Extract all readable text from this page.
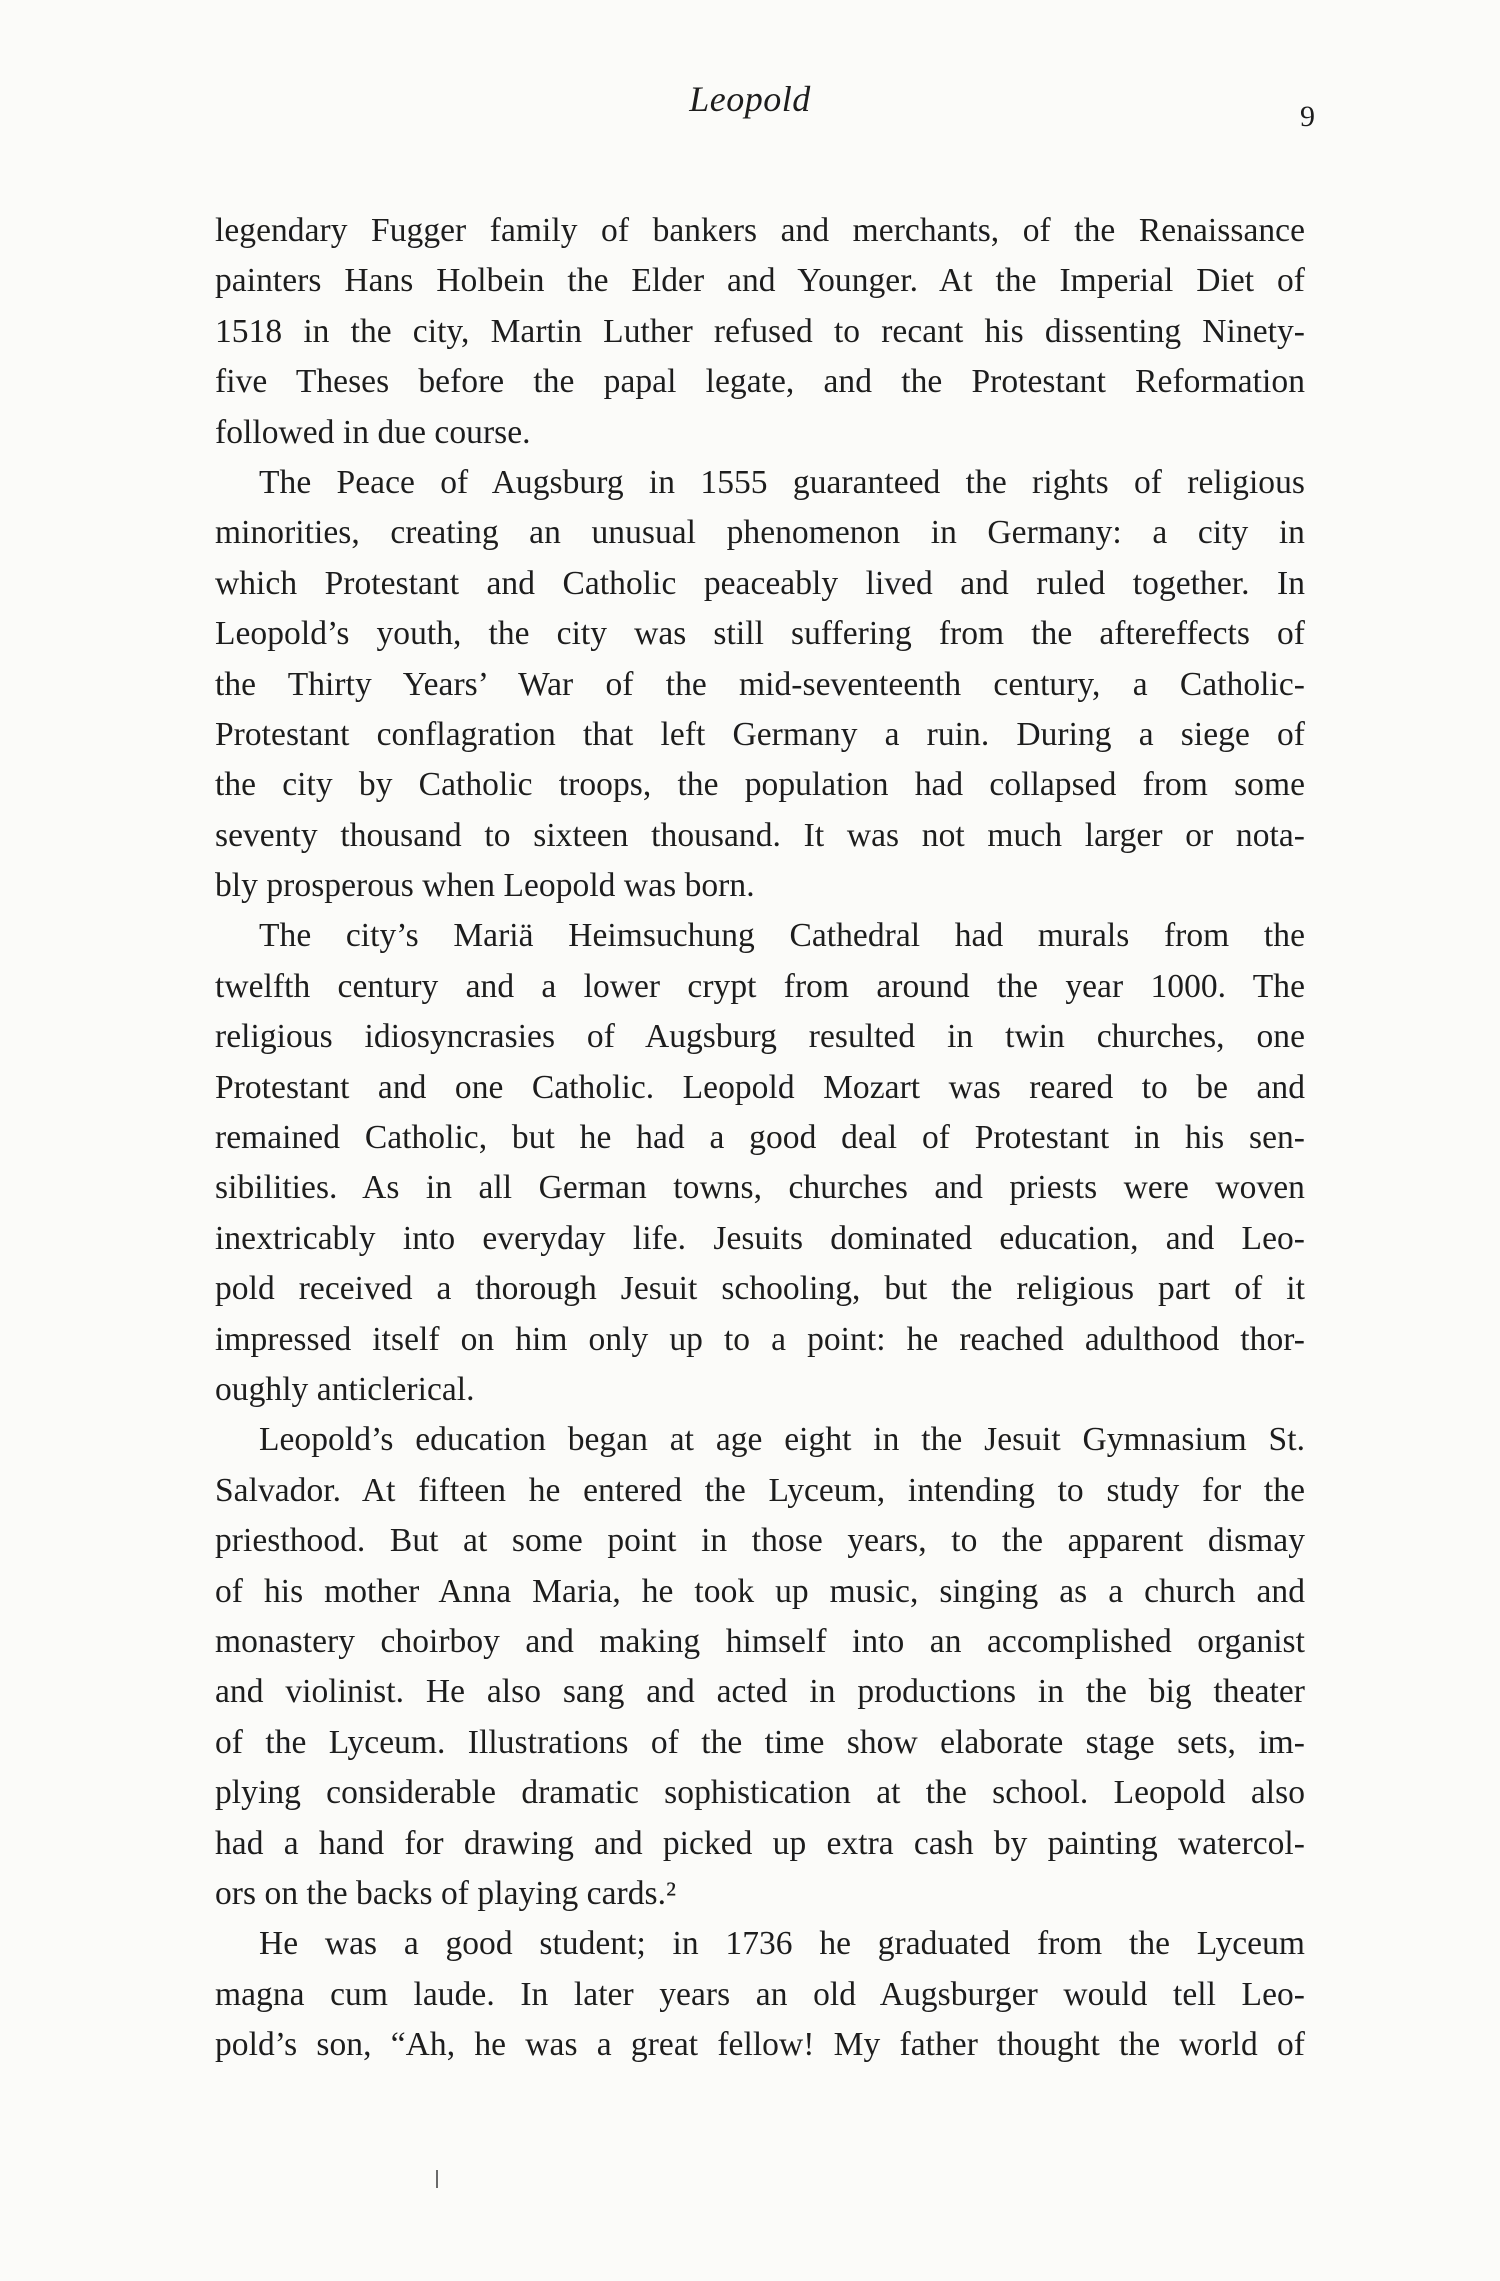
Leopold	9
legendary Fugger family of bankers and merchants, of the Renaissance
painters Hans Holbein the Elder and Younger. At the Imperial Diet of
1518 in the city, Martin Luther refused to recant his dissenting Ninety-
five Theses before the papal legate, and the Protestant Reformation
followed in due course.
The Peace of Augsburg in 1555 guaranteed the rights of religious
minorities, creating an unusual phenomenon in Germany: a city in
which Protestant and Catholic peaceably lived and ruled together. In
Leopold’s youth, the city was still suffering from the aftereffects of
the Thirty Years’ War of the mid-seventeenth century, a Catholic-
Protestant conflagration that left Germany a ruin. During a siege of
the city by Catholic troops, the population had collapsed from some
seventy thousand to sixteen thousand. It was not much larger or nota-
bly prosperous when Leopold was born.
The city’s Mariä Heimsuchung Cathedral had murals from the
twelfth century and a lower crypt from around the year 1000. The
religious idiosyncrasies of Augsburg resulted in twin churches, one
Protestant and one Catholic. Leopold Mozart was reared to be and
remained Catholic, but he had a good deal of Protestant in his sen-
sibilities. As in all German towns, churches and priests were woven
inextricably into everyday life. Jesuits dominated education, and Leo-
pold received a thorough Jesuit schooling, but the religious part of it
impressed itself on him only up to a point: he reached adulthood thor-
oughly anticlerical.
Leopold’s education began at age eight in the Jesuit Gymnasium St.
Salvador. At fifteen he entered the Lyceum, intending to study for the
priesthood. But at some point in those years, to the apparent dismay
of his mother Anna Maria, he took up music, singing as a church and
monastery choirboy and making himself into an accomplished organist
and violinist. He also sang and acted in productions in the big theater
of the Lyceum. Illustrations of the time show elaborate stage sets, im-
plying considerable dramatic sophistication at the school. Leopold also
had a hand for drawing and picked up extra cash by painting watercol-
ors on the backs of playing cards.²
He was a good student; in 1736 he graduated from the Lyceum
magna cum laude. In later years an old Augsburger would tell Leo-
pold’s son, “Ah, he was a great fellow! My father thought the world of
